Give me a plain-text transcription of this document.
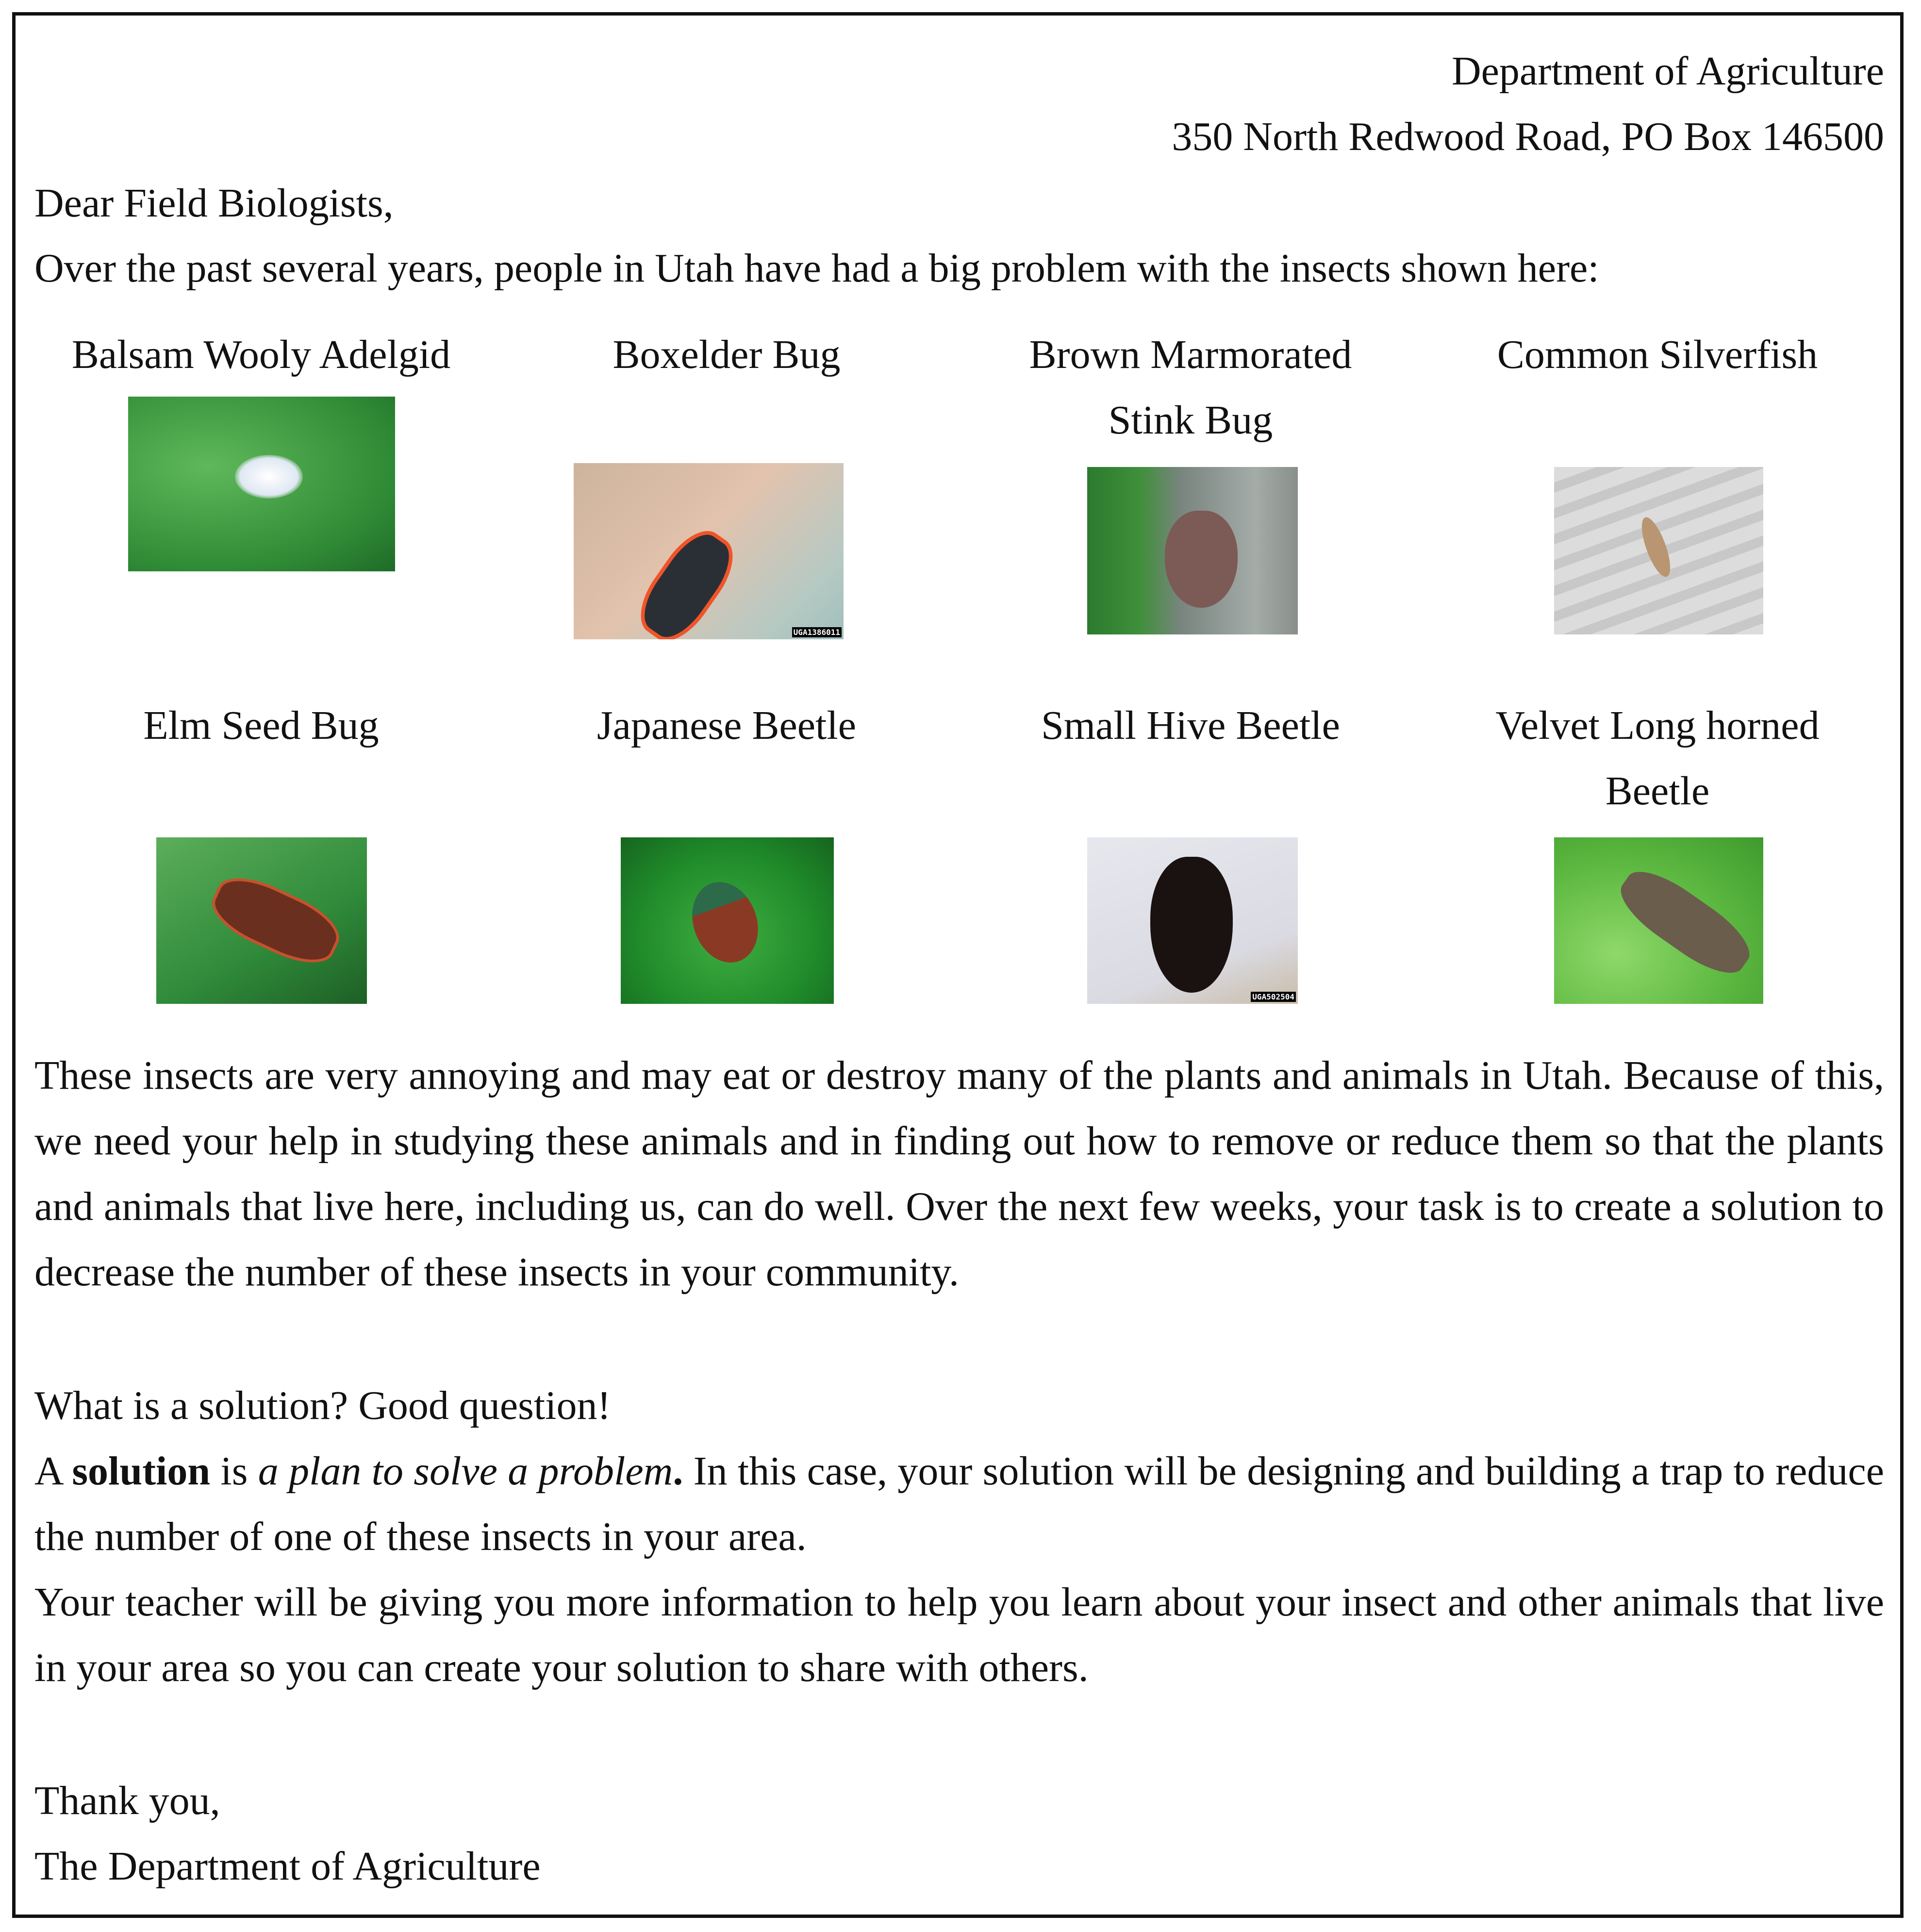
Department of Agriculture
350 North Redwood Road, PO Box 146500
Dear Field Biologists,
Over the past several years, people in Utah have had a big problem with the insects shown here:
Balsam Wooly Adelgid	Boxelder Bug	Brown Marmorated Stink Bug
Common Silverfish
UGA1386011
Elm Seed Bug	Japanese Beetle	Small Hive Beetle	Velvet Long horned Beetle
UGA502504
These insects are very annoying and may eat or destroy many of the plants and animals in Utah. Because of this, we need your help in studying these animals and in finding out how to remove or reduce them so that the plants and animals that live here, including us, can do well. Over the next few weeks, your task is to create a solution to decrease the number of these insects in your community.
What is a solution? Good question!
A solution is a plan to solve a problem. In this case, your solution will be designing and building a trap to reduce the number of one of these insects in your area.
Your teacher will be giving you more information to help you learn about your insect and other animals that live in your area so you can create your solution to share with others.
Thank you,
The Department of Agriculture
